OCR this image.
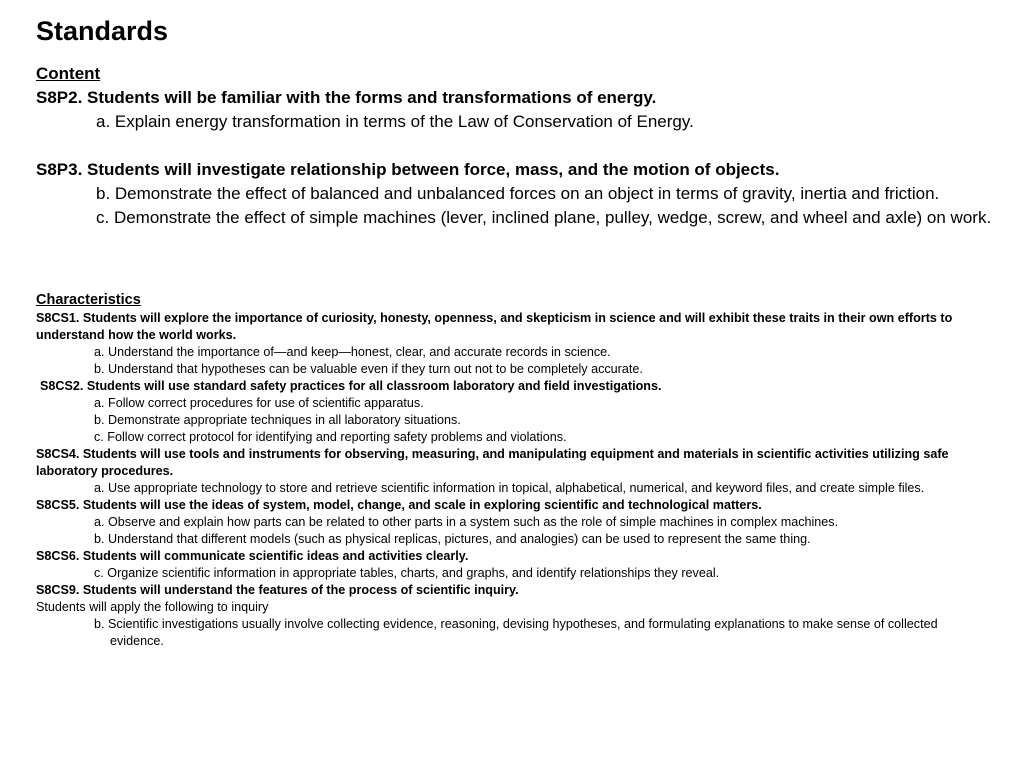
Standards
Content
S8P2. Students will be familiar with the forms and transformations of energy.
a. Explain energy transformation in terms of the Law of Conservation of Energy.
S8P3. Students will investigate relationship between force, mass, and the motion of objects.
b. Demonstrate the effect of balanced and unbalanced forces on an object in terms of gravity, inertia and friction.
c. Demonstrate the effect of simple machines (lever, inclined plane, pulley, wedge, screw, and wheel and axle) on work.
Characteristics
S8CS1. Students will explore the importance of curiosity, honesty, openness, and skepticism in science and will exhibit these traits in their own efforts to understand how the world works.
a. Understand the importance of—and keep—honest, clear, and accurate records in science.
b. Understand that hypotheses can be valuable even if they turn out not to be completely accurate.
S8CS2. Students will use standard safety practices for all classroom laboratory and field investigations.
a. Follow correct procedures for use of scientific apparatus.
b. Demonstrate appropriate techniques in all laboratory situations.
c. Follow correct protocol for identifying and reporting safety problems and violations.
S8CS4. Students will use tools and instruments for observing, measuring, and manipulating equipment and materials in scientific activities utilizing safe laboratory procedures.
a. Use appropriate technology to store and retrieve scientific information in topical, alphabetical, numerical, and keyword files, and create simple files.
S8CS5. Students will use the ideas of system, model, change, and scale in exploring scientific and technological matters.
a. Observe and explain how parts can be related to other parts in a system such as the role of simple machines in complex machines.
b. Understand that different models (such as physical replicas, pictures, and analogies) can be used to represent the same thing.
S8CS6. Students will communicate scientific ideas and activities clearly.
c. Organize scientific information in appropriate tables, charts, and graphs, and identify relationships they reveal.
S8CS9. Students will understand the features of the process of scientific inquiry.
Students will apply the following to inquiry
b. Scientific investigations usually involve collecting evidence, reasoning, devising hypotheses, and formulating explanations to make sense of collected evidence.
